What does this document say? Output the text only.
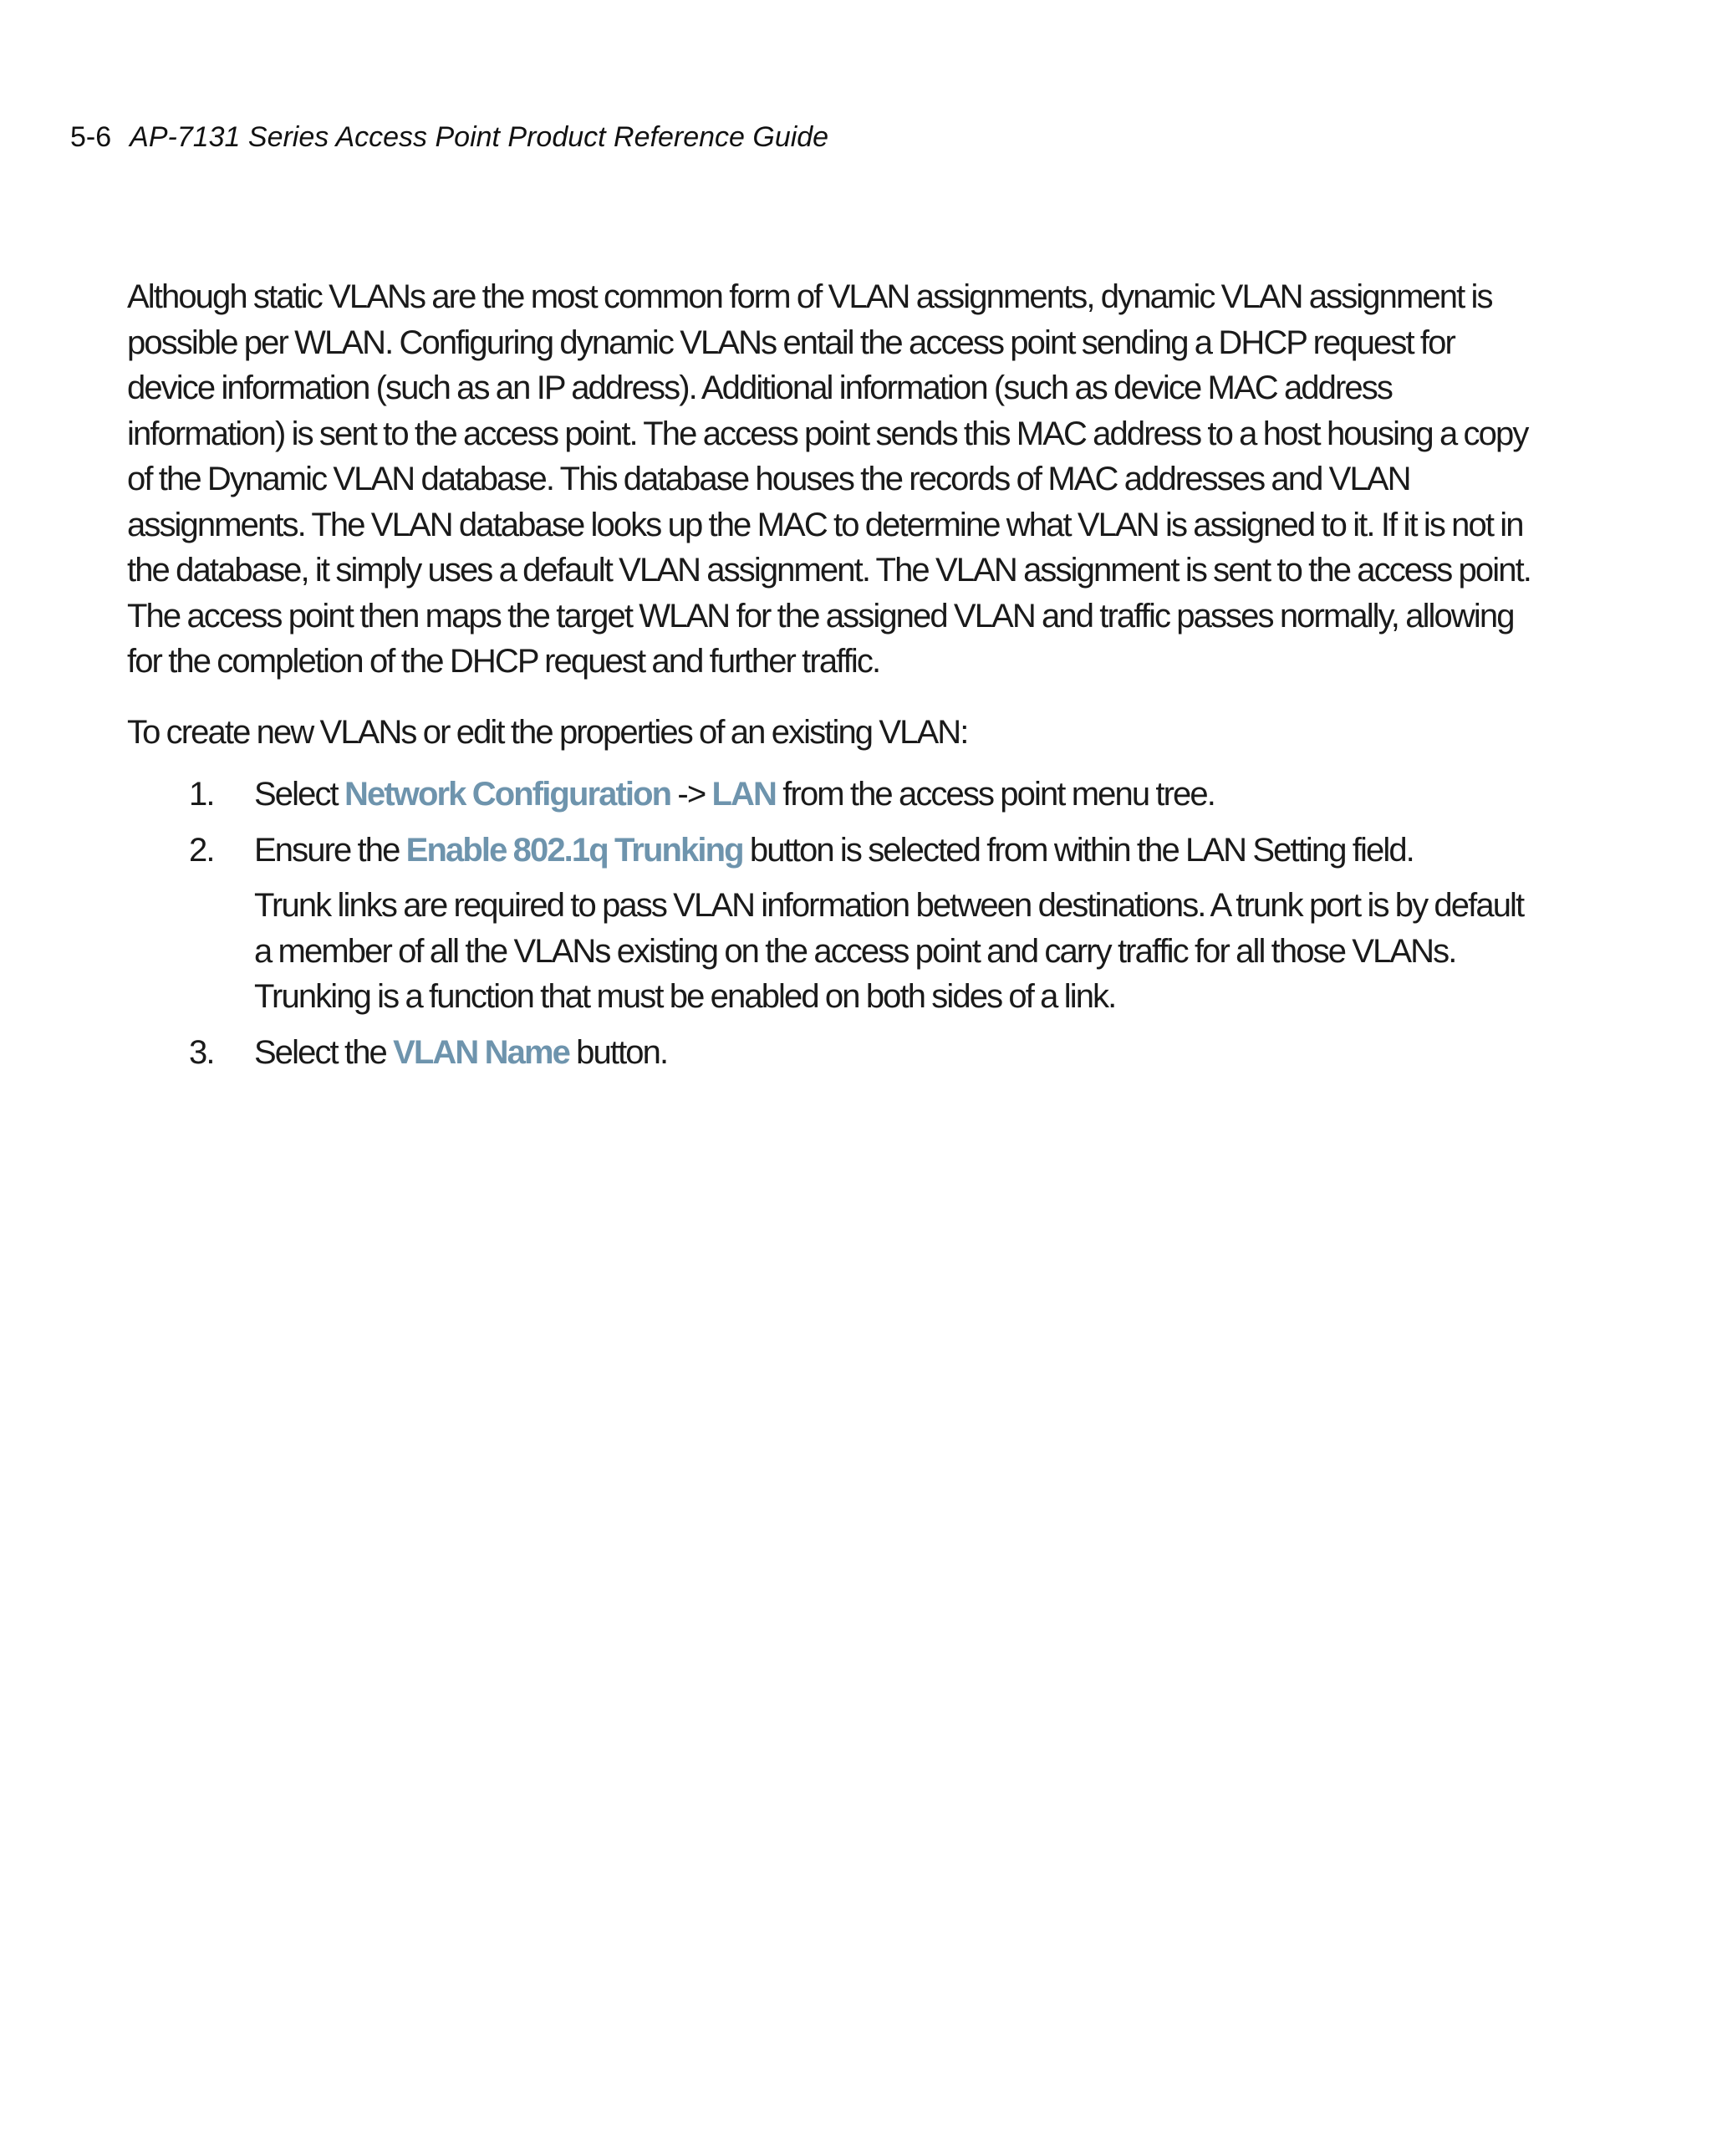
5-6 AP-7131 Series Access Point Product Reference Guide

Although static VLANs are the most common form of VLAN assignments, dynamic VLAN assignment is possible per WLAN. Configuring dynamic VLANs entail the access point sending a DHCP request for device information (such as an IP address). Additional information (such as device MAC address information) is sent to the access point. The access point sends this MAC address to a host housing a copy of the Dynamic VLAN database. This database houses the records of MAC addresses and VLAN assignments. The VLAN database looks up the MAC to determine what VLAN is assigned to it. If it is not in the database, it simply uses a default VLAN assignment. The VLAN assignment is sent to the access point. The access point then maps the target WLAN for the assigned VLAN and traffic passes normally, allowing for the completion of the DHCP request and further traffic.

To create new VLANs or edit the properties of an existing VLAN:

1. Select Network Configuration -> LAN from the access point menu tree.
2. Ensure the Enable 802.1q Trunking button is selected from within the LAN Setting field.
Trunk links are required to pass VLAN information between destinations. A trunk port is by default a member of all the VLANs existing on the access point and carry traffic for all those VLANs. Trunking is a function that must be enabled on both sides of a link.
3. Select the VLAN Name button.
